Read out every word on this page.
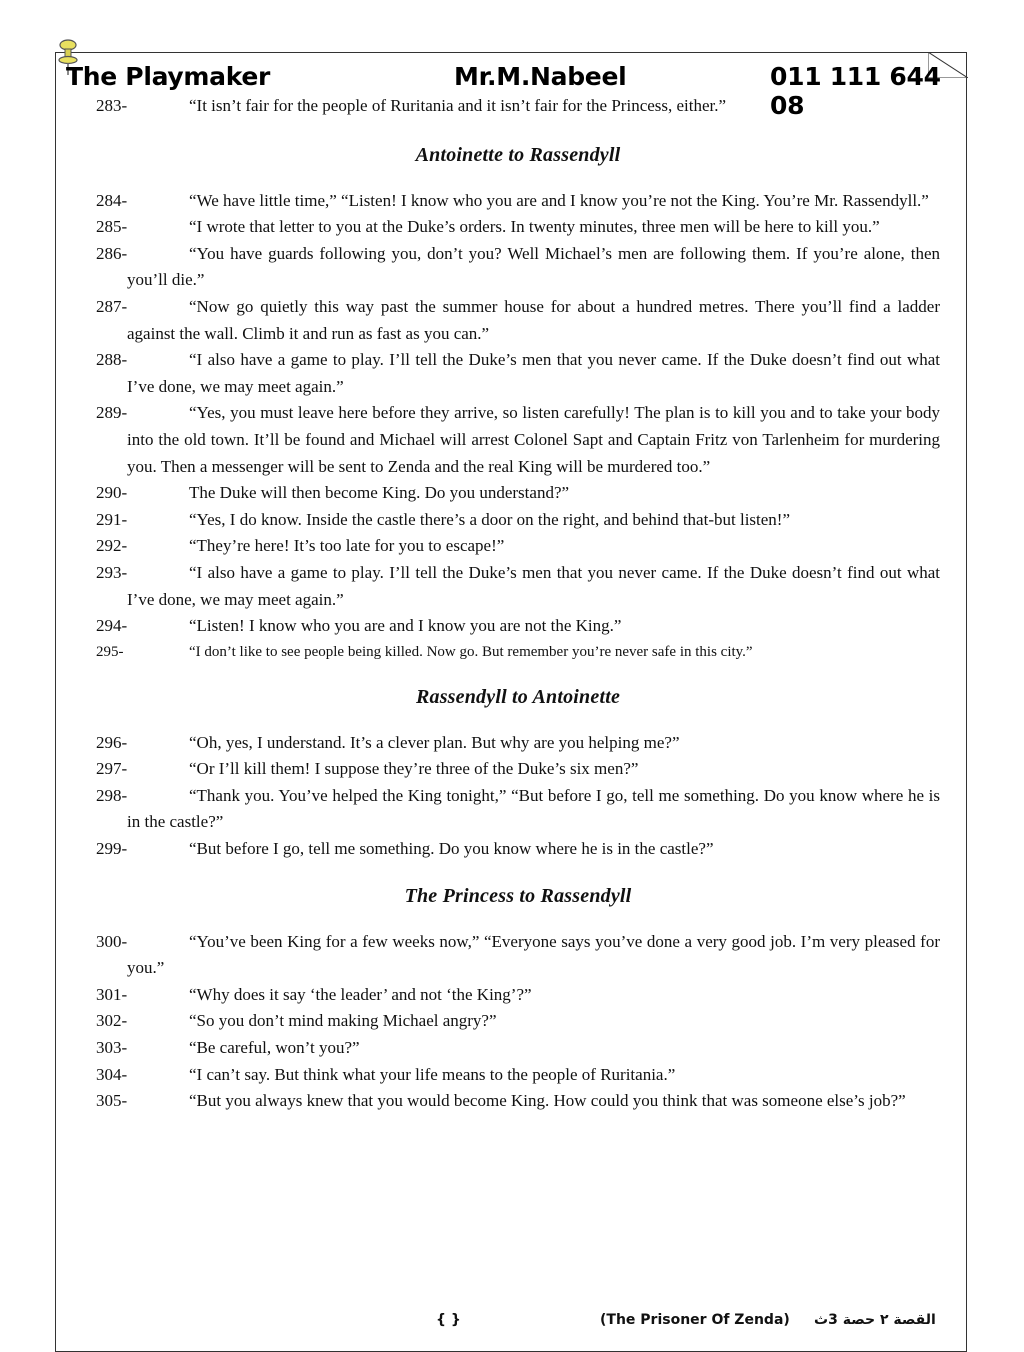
The Playmaker	Mr.M.Nabeel	011 111 644 08
283-	“It isn’t fair for the people of Ruritania and it isn’t fair for the Princess, either.”
Antoinette to Rassendyll
284-	“We have little time,” “Listen! I know who you are and I know you’re not the King. You’re Mr. Rassendyll.”
285-	“I wrote that letter to you at the Duke’s orders. In twenty minutes, three men will be here to kill you.”
286-	“You have guards following you, don’t you? Well Michael’s men are following them. If you’re alone, then you’ll die.”
287-	“Now go quietly this way past the summer house for about a hundred metres. There you’ll find a ladder against the wall. Climb it and run as fast as you can.”
288-	“I also have a game to play. I’ll tell the Duke’s men that you never came. If the Duke doesn’t find out what I’ve done, we may meet again.”
289-	“Yes, you must leave here before they arrive, so listen carefully! The plan is to kill you and to take your body into the old town. It’ll be found and Michael will arrest Colonel Sapt and Captain Fritz von Tarlenheim for murdering you. Then a messenger will be sent to Zenda and the real King will be murdered too.”
290-	The Duke will then become King. Do you understand?”
291-	“Yes, I do know. Inside the castle there’s a door on the right, and behind that-but listen!”
292-	“They’re here! It’s too late for you to escape!”
293-	“I also have a game to play. I’ll tell the Duke’s men that you never came. If the Duke doesn’t find out what I’ve done, we may meet again.”
294-	“Listen! I know who you are and I know you are not the King.”
295-	“I don’t like to see people being killed. Now go. But remember you’re never safe in this city.”
Rassendyll to Antoinette
296-	“Oh, yes, I understand. It’s a clever plan. But why are you helping me?”
297-	“Or I’ll kill them! I suppose they’re three of the Duke’s six men?”
298-	“Thank you. You’ve helped the King tonight,” “But before I go, tell me something. Do you know where he is in the castle?”
299-	“But before I go, tell me something. Do you know where he is in the castle?”
The Princess to Rassendyll
300-	“You’ve been King for a few weeks now,” “Everyone says you’ve done a very good job. I’m very pleased for you.”
301-	“Why does it say ‘the leader’ and not ‘the King’?”
302-	“So you don’t mind making Michael angry?”
303-	“Be careful, won’t you?”
304-	“I can’t say. But think what your life means to the people of Ruritania.”
305-	“But you always knew that you would become King. How could you think that was someone else’s job?”
{ }	(The Prisoner Of Zenda) القصة ٢ حصة 3ث
